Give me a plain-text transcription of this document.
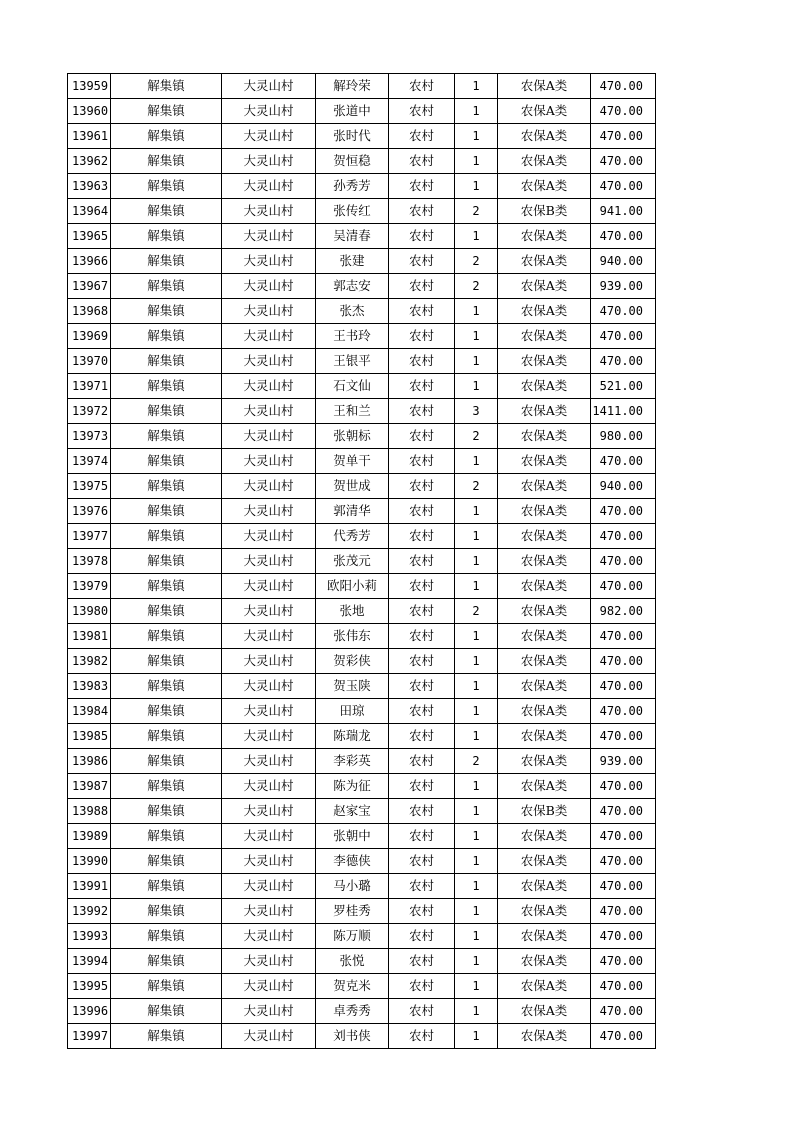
13959	解集镇	大灵山村	解玲荣	农村	1	农保A类	470.00
13960	解集镇	大灵山村	张道中	农村	1	农保A类	470.00
13961	解集镇	大灵山村	张时代	农村	1	农保A类	470.00
13962	解集镇	大灵山村	贺恒稳	农村	1	农保A类	470.00
13963	解集镇	大灵山村	孙秀芳	农村	1	农保A类	470.00
13964	解集镇	大灵山村	张传红	农村	2	农保B类	941.00
13965	解集镇	大灵山村	吴清春	农村	1	农保A类	470.00
13966	解集镇	大灵山村	张建	农村	2	农保A类	940.00
13967	解集镇	大灵山村	郭志安	农村	2	农保A类	939.00
13968	解集镇	大灵山村	张杰	农村	1	农保A类	470.00
13969	解集镇	大灵山村	王书玲	农村	1	农保A类	470.00
13970	解集镇	大灵山村	王银平	农村	1	农保A类	470.00
13971	解集镇	大灵山村	石文仙	农村	1	农保A类	521.00
13972	解集镇	大灵山村	王和兰	农村	3	农保A类	1411.00
13973	解集镇	大灵山村	张朝标	农村	2	农保A类	980.00
13974	解集镇	大灵山村	贺单干	农村	1	农保A类	470.00
13975	解集镇	大灵山村	贺世成	农村	2	农保A类	940.00
13976	解集镇	大灵山村	郭清华	农村	1	农保A类	470.00
13977	解集镇	大灵山村	代秀芳	农村	1	农保A类	470.00
13978	解集镇	大灵山村	张茂元	农村	1	农保A类	470.00
13979	解集镇	大灵山村	欧阳小莉	农村	1	农保A类	470.00
13980	解集镇	大灵山村	张地	农村	2	农保A类	982.00
13981	解集镇	大灵山村	张伟东	农村	1	农保A类	470.00
13982	解集镇	大灵山村	贺彩侠	农村	1	农保A类	470.00
13983	解集镇	大灵山村	贺玉陕	农村	1	农保A类	470.00
13984	解集镇	大灵山村	田琼	农村	1	农保A类	470.00
13985	解集镇	大灵山村	陈瑞龙	农村	1	农保A类	470.00
13986	解集镇	大灵山村	李彩英	农村	2	农保A类	939.00
13987	解集镇	大灵山村	陈为征	农村	1	农保A类	470.00
13988	解集镇	大灵山村	赵家宝	农村	1	农保B类	470.00
13989	解集镇	大灵山村	张朝中	农村	1	农保A类	470.00
13990	解集镇	大灵山村	李德侠	农村	1	农保A类	470.00
13991	解集镇	大灵山村	马小璐	农村	1	农保A类	470.00
13992	解集镇	大灵山村	罗桂秀	农村	1	农保A类	470.00
13993	解集镇	大灵山村	陈万顺	农村	1	农保A类	470.00
13994	解集镇	大灵山村	张悦	农村	1	农保A类	470.00
13995	解集镇	大灵山村	贺克米	农村	1	农保A类	470.00
13996	解集镇	大灵山村	卓秀秀	农村	1	农保A类	470.00
13997	解集镇	大灵山村	刘书侠	农村	1	农保A类	470.00
